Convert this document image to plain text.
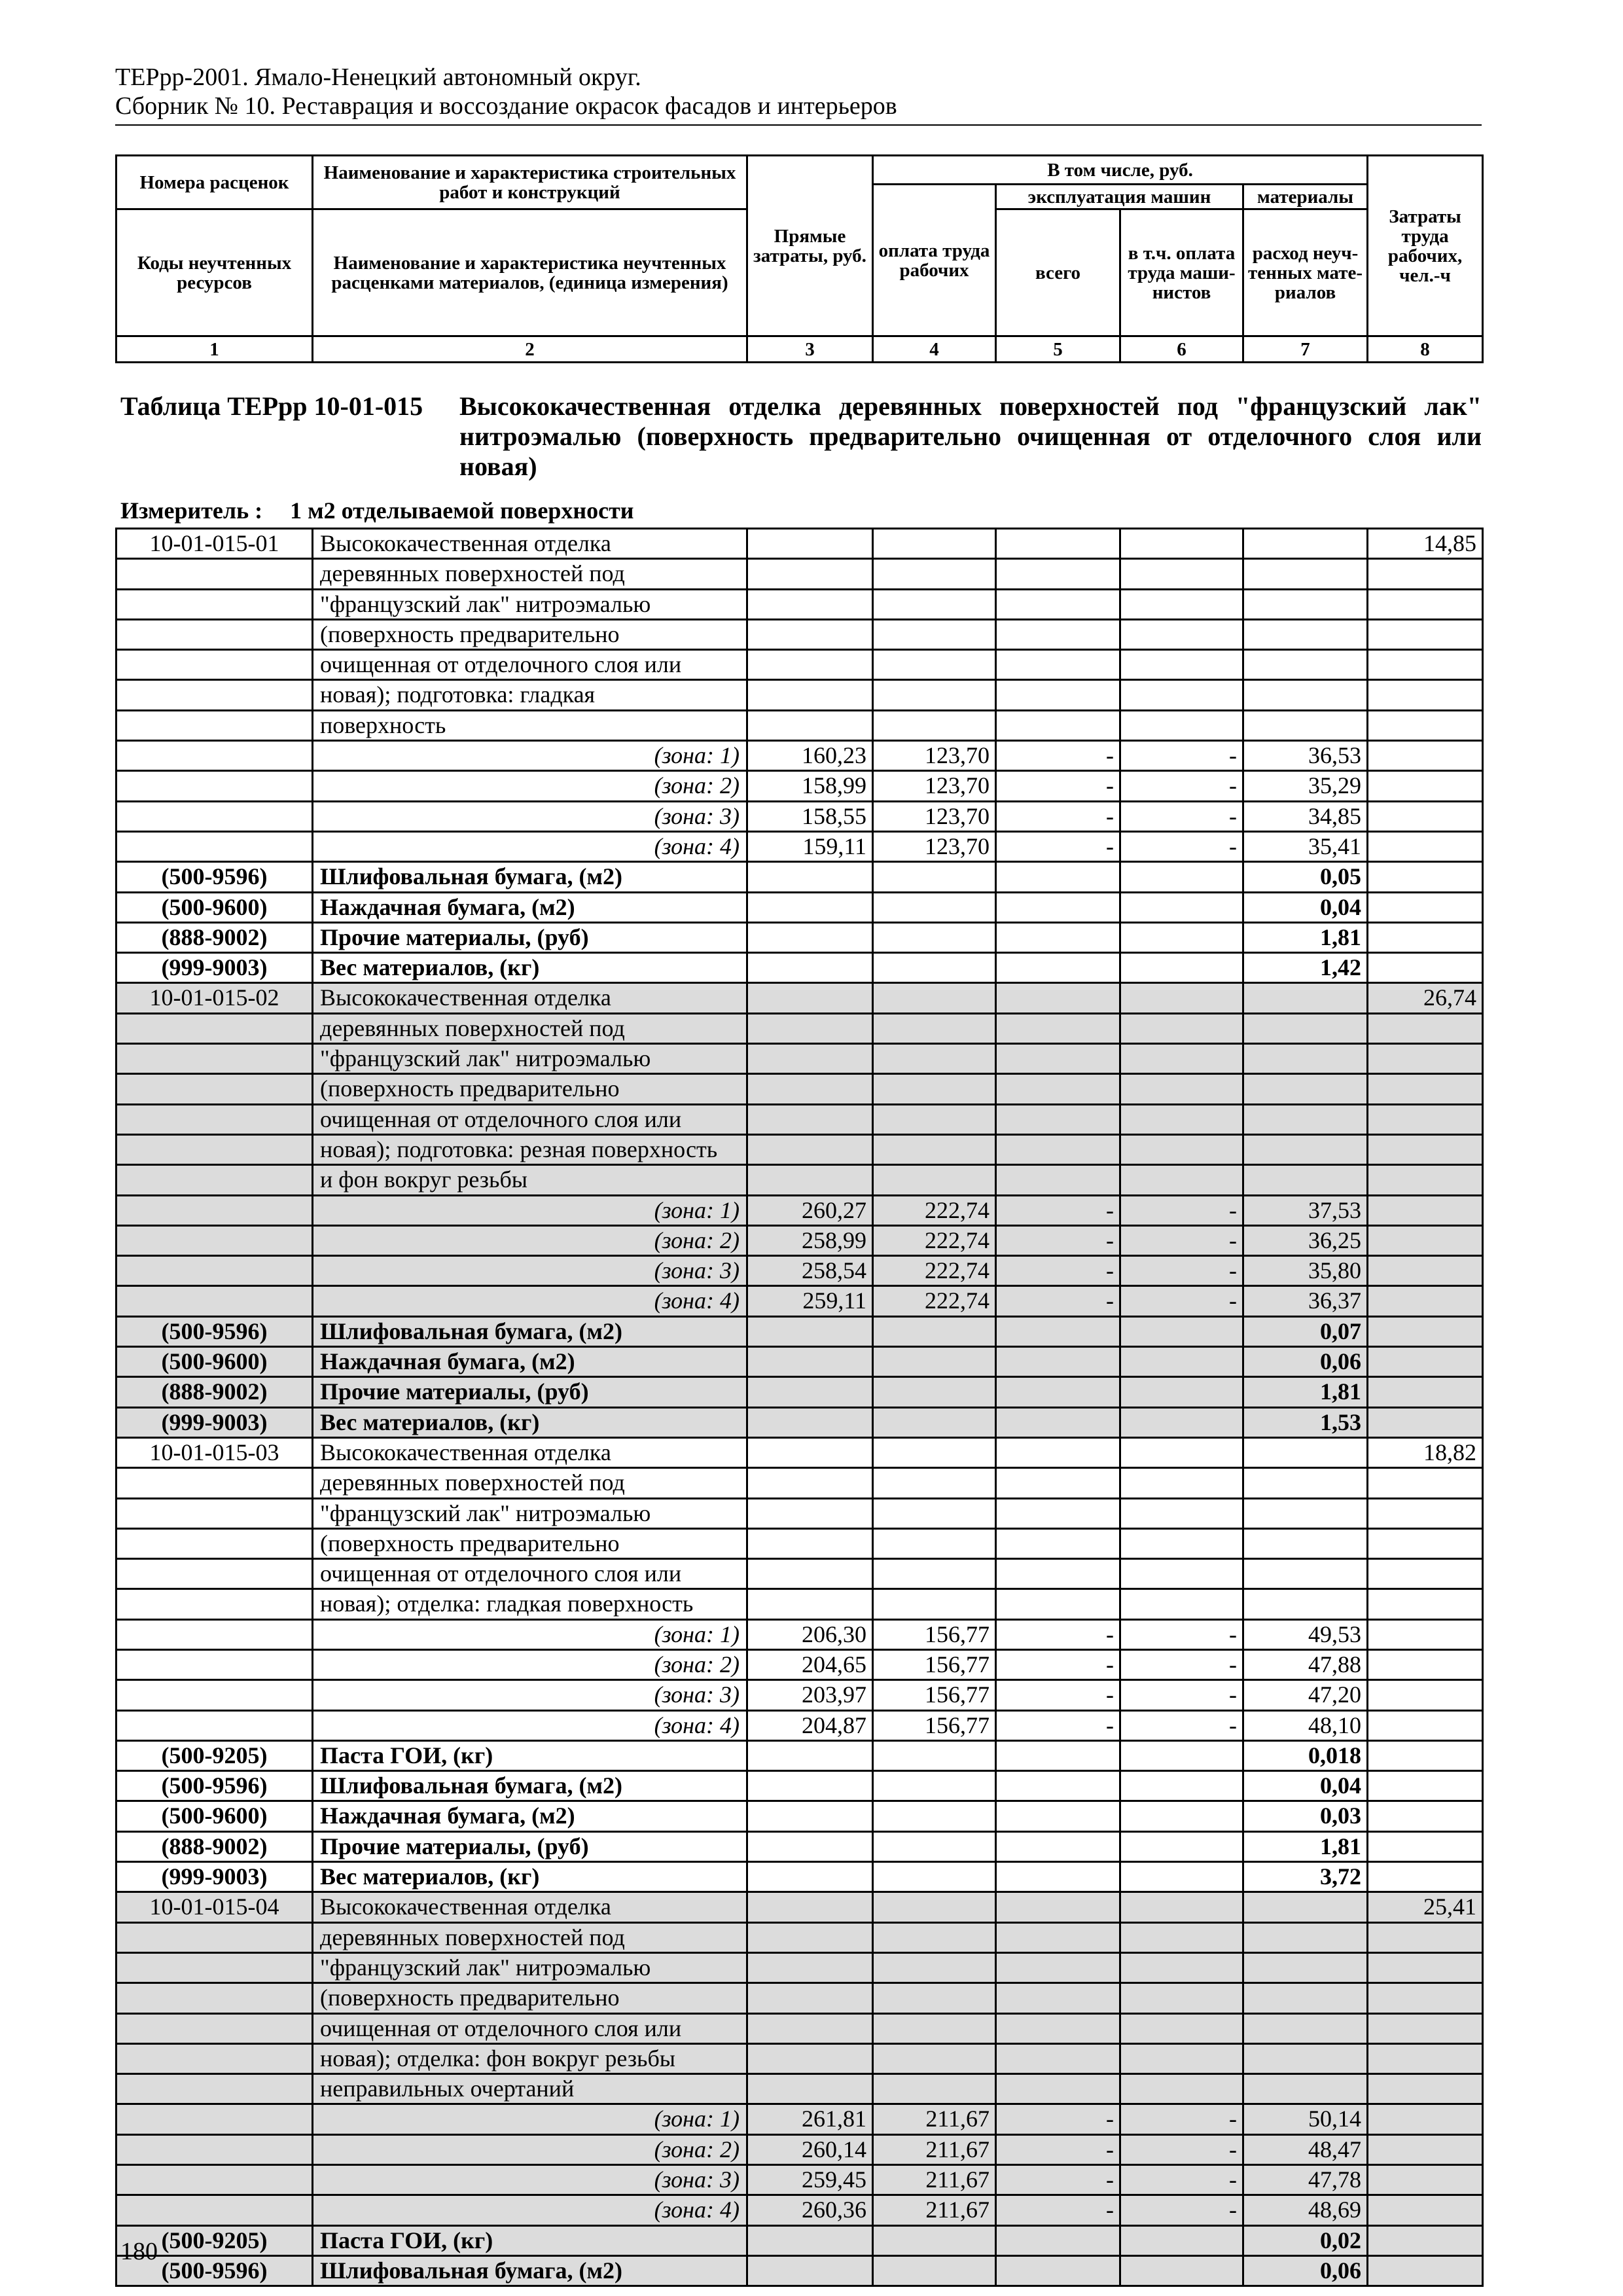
ТЕРрр-2001. Ямало-Ненецкий автономный округ.
Сборник № 10. Реставрация и воссоздание окрасок фасадов и интерьеров
Номера расценок	Наименование и характеристика строительных работ и конструкций	Прямые затраты, руб.	В том числе, руб.				Затраты труда рабочих, чел.-ч
			оплата труда рабочих	эксплуатация машин		материалы	
Коды неучтенных ресурсов	Наименование и характеристика неучтенных расценками материалов, (единица измерения)			всего	в т.ч. оплата труда маши-нистов	расход неуч-тенных мате-риалов	
1	2	3	4	5	6	7	8
Таблица ТЕРрр 10-01-015 Высококачественная отделка деревянных поверхностей под "французский лак" нитроэмалью (поверхность предварительно очищенная от отделочного слоя или новая)
Измеритель : 1 м2 отделываемой поверхности
10-01-015-01	Высококачественная отделка						14,85
	деревянных поверхностей под						
	"французский лак" нитроэмалью						
	(поверхность предварительно						
	очищенная от отделочного слоя или						
	новая); подготовка: гладкая						
	поверхность						
	(зона: 1)	160,23	123,70	-	-	36,53	
	(зона: 2)	158,99	123,70	-	-	35,29	
	(зона: 3)	158,55	123,70	-	-	34,85	
	(зона: 4)	159,11	123,70	-	-	35,41	
(500-9596)	Шлифовальная бумага, (м2)					0,05	
(500-9600)	Наждачная бумага, (м2)					0,04	
(888-9002)	Прочие материалы, (руб)					1,81	
(999-9003)	Вес материалов, (кг)					1,42	
10-01-015-02	Высококачественная отделка						26,74
	деревянных поверхностей под						
	"французский лак" нитроэмалью						
	(поверхность предварительно						
	очищенная от отделочного слоя или						
	новая); подготовка: резная поверхность						
	и фон вокруг резьбы						
	(зона: 1)	260,27	222,74	-	-	37,53	
	(зона: 2)	258,99	222,74	-	-	36,25	
	(зона: 3)	258,54	222,74	-	-	35,80	
	(зона: 4)	259,11	222,74	-	-	36,37	
(500-9596)	Шлифовальная бумага, (м2)					0,07	
(500-9600)	Наждачная бумага, (м2)					0,06	
(888-9002)	Прочие материалы, (руб)					1,81	
(999-9003)	Вес материалов, (кг)					1,53	
10-01-015-03	Высококачественная отделка						18,82
	деревянных поверхностей под						
	"французский лак" нитроэмалью						
	(поверхность предварительно						
	очищенная от отделочного слоя или						
	новая); отделка: гладкая поверхность						
	(зона: 1)	206,30	156,77	-	-	49,53	
	(зона: 2)	204,65	156,77	-	-	47,88	
	(зона: 3)	203,97	156,77	-	-	47,20	
	(зона: 4)	204,87	156,77	-	-	48,10	
(500-9205)	Паста ГОИ, (кг)					0,018	
(500-9596)	Шлифовальная бумага, (м2)					0,04	
(500-9600)	Наждачная бумага, (м2)					0,03	
(888-9002)	Прочие материалы, (руб)					1,81	
(999-9003)	Вес материалов, (кг)					3,72	
10-01-015-04	Высококачественная отделка						25,41
	деревянных поверхностей под						
	"французский лак" нитроэмалью						
	(поверхность предварительно						
	очищенная от отделочного слоя или						
	новая); отделка: фон вокруг резьбы						
	неправильных очертаний						
	(зона: 1)	261,81	211,67	-	-	50,14	
	(зона: 2)	260,14	211,67	-	-	48,47	
	(зона: 3)	259,45	211,67	-	-	47,78	
	(зона: 4)	260,36	211,67	-	-	48,69	
(500-9205)	Паста ГОИ, (кг)					0,02	
(500-9596)	Шлифовальная бумага, (м2)					0,06	
180
